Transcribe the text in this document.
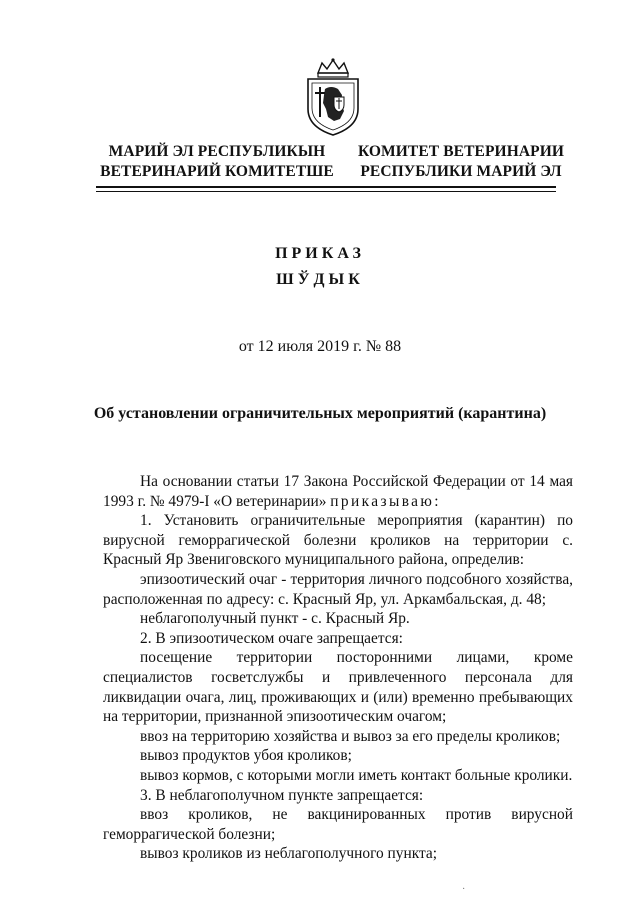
МАРИЙ ЭЛ РЕСПУБЛИКЫН
ВЕТЕРИНАРИЙ КОМИТЕТШЕ
КОМИТЕТ ВЕТЕРИНАРИИ
РЕСПУБЛИКИ МАРИЙ ЭЛ
ПРИКАЗ
ШЎДЫК
от 12 июля 2019 г. № 88
Об установлении ограничительных мероприятий (карантина)

На основании статьи 17 Закона Российской Федерации от 14 мая 1993 г. № 4979-I «О ветеринарии» приказываю:

1. Установить ограничительные мероприятия (карантин) по вирусной геморрагической болезни кроликов на территории с. Красный Яр Звениговского муниципального района, определив:

эпизоотический очаг - территория личного подсобного хозяйства, расположенная по адресу: с. Красный Яр, ул. Аркамбальская, д. 48;

неблагополучный пункт - с. Красный Яр.

2. В эпизоотическом очаге запрещается:

посещение территории посторонними лицами, кроме специалистов госветслужбы и привлеченного персонала для ликвидации очага, лиц, проживающих и (или) временно пребывающих на территории, признанной эпизоотическим очагом;

ввоз на территорию хозяйства и вывоз за его пределы кроликов;

вывоз продуктов убоя кроликов;

вывоз кормов, с которыми могли иметь контакт больные кролики.

3. В неблагополучном пункте запрещается:

ввоз кроликов, не вакцинированных против вирусной геморрагической болезни;

вывоз кроликов из неблагополучного пункта;

·
